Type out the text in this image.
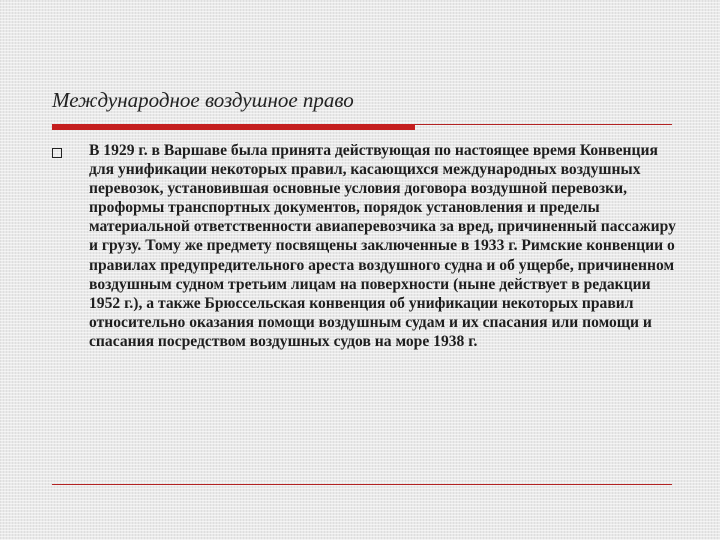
Международное воздушное право
В 1929 г. в Варшаве была принята действующая по настоящее время Конвенция для унификации некоторых правил, касающихся международных воздушных перевозок, установившая основные условия договора воздушной перевозки, проформы транспортных документов, порядок установления и пределы материальной ответственности авиаперевозчика за вред, причиненный пассажиру и грузу. Тому же предмету посвящены заключенные в 1933 г. Римские конвенции о правилах предупредительного ареста воздушного судна и об ущербе, причиненном воздушным судном третьим лицам на поверхности (ныне действует в редакции 1952 г.), а также Брюссельская конвенция об унификации некоторых правил относительно оказания помощи воздушным судам и их спасания или помощи и спасания посредством воздушных судов на море 1938 г.
